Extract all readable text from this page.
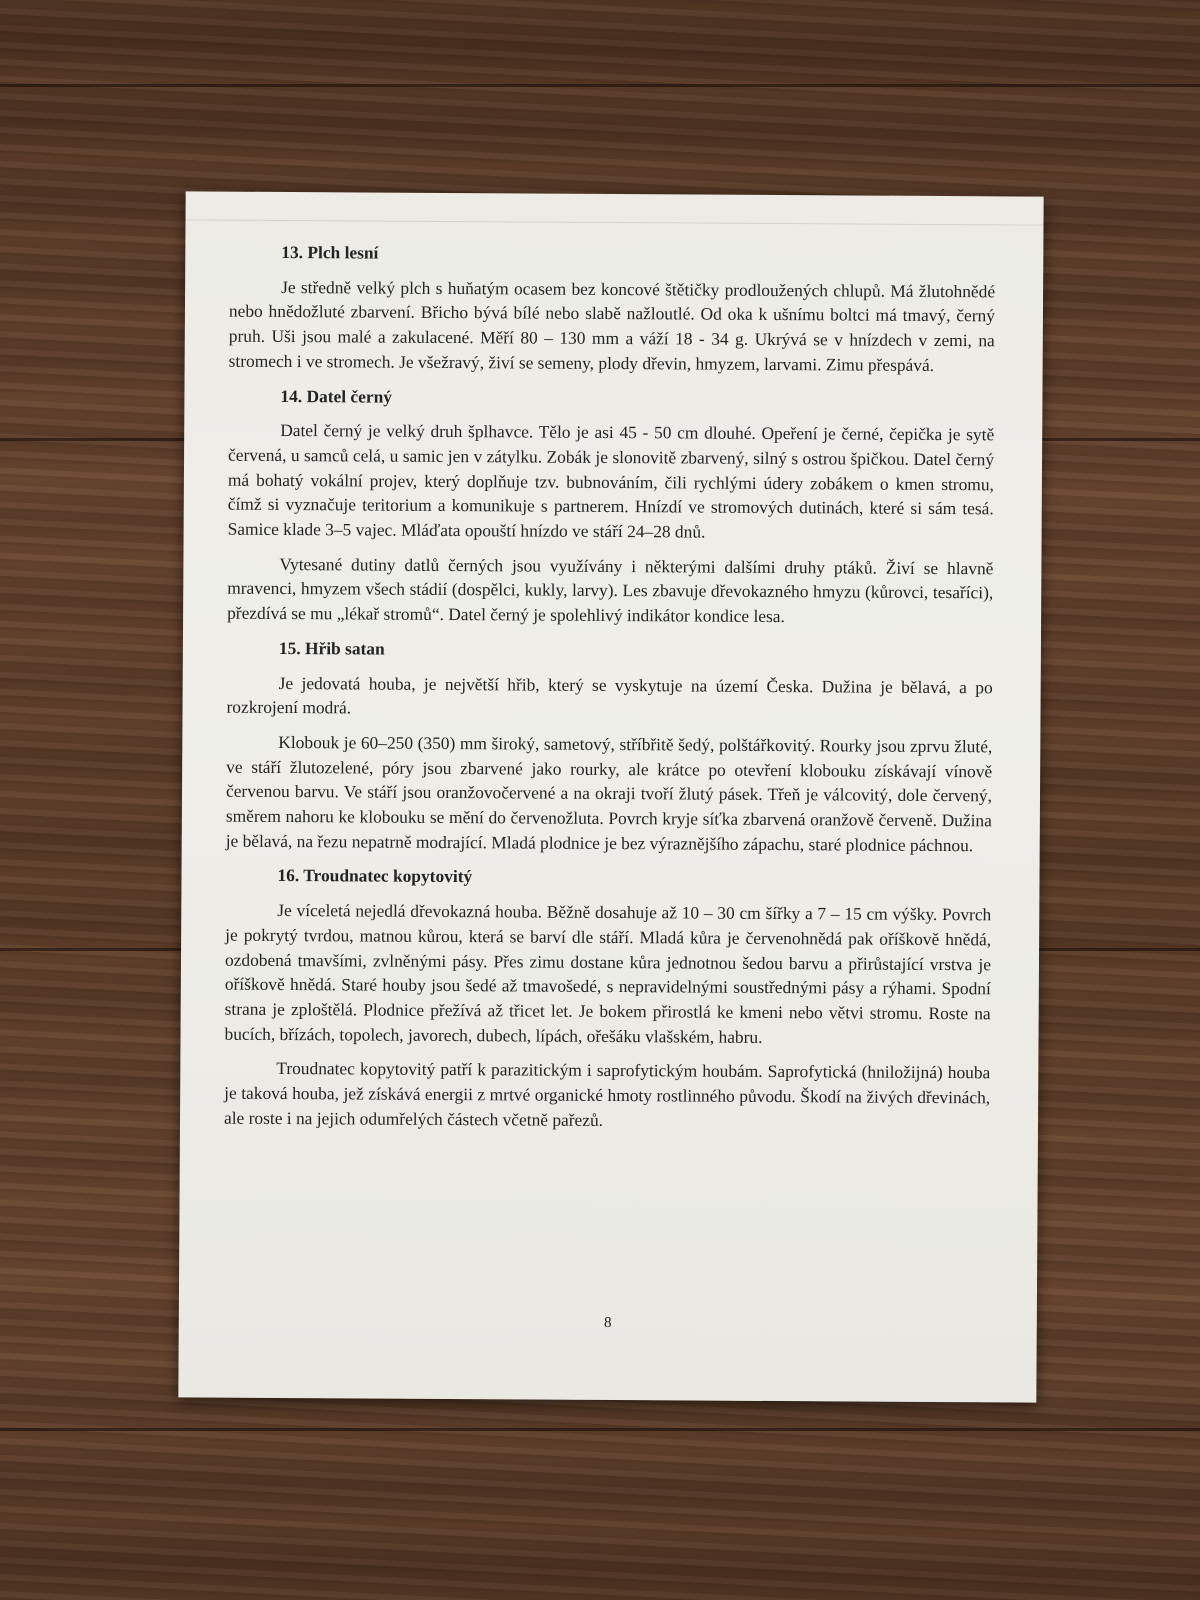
13. Plch lesní

Je středně velký plch s huňatým ocasem bez koncové štětičky prodloužených chlupů. Má žlutohnědé nebo hnědožluté zbarvení. Břicho bývá bílé nebo slabě nažloutlé. Od oka k ušnímu boltci má tmavý, černý pruh. Uši jsou malé a zakulacené. Měří 80 – 130 mm a váží 18 - 34 g. Ukrývá se v hnízdech v zemi, na stromech i ve stromech. Je všežravý, živí se semeny, plody dřevin, hmyzem, larvami. Zimu přespává.

14. Datel černý

Datel černý je velký druh šplhavce. Tělo je asi 45 - 50 cm dlouhé. Opeření je černé, čepička je sytě červená, u samců celá, u samic jen v zátylku. Zobák je slonovitě zbarvený, silný s ostrou špičkou. Datel černý má bohatý vokální projev, který doplňuje tzv. bubnováním, čili rychlými údery zobákem o kmen stromu, čímž si vyznačuje teritorium a komunikuje s partnerem. Hnízdí ve stromových dutinách, které si sám tesá. Samice klade 3–5 vajec. Mláďata opouští hnízdo ve stáří 24–28 dnů.

Vytesané dutiny datlů černých jsou využívány i některými dalšími druhy ptáků. Živí se hlavně mravenci, hmyzem všech stádií (dospělci, kukly, larvy). Les zbavuje dřevokazného hmyzu (kůrovci, tesaříci), přezdívá se mu „lékař stromů“. Datel černý je spolehlivý indikátor kondice lesa.

15. Hřib satan

Je jedovatá houba, je největší hřib, který se vyskytuje na území Česka. Dužina je bělavá, a po rozkrojení modrá.

Klobouk je 60–250 (350) mm široký, sametový, stříbřitě šedý, polštářkovitý. Rourky jsou zprvu žluté, ve stáří žlutozelené, póry jsou zbarvené jako rourky, ale krátce po otevření klobouku získávají vínově červenou barvu. Ve stáří jsou oranžovočervené a na okraji tvoří žlutý pásek. Třeň je válcovitý, dole červený, směrem nahoru ke klobouku se mění do červenožluta. Povrch kryje síťka zbarvená oranžově červeně. Dužina je bělavá, na řezu nepatrně modrající. Mladá plodnice je bez výraznějšího zápachu, staré plodnice páchnou.

16. Troudnatec kopytovitý

Je víceletá nejedlá dřevokazná houba. Běžně dosahuje až 10 – 30 cm šířky a 7 – 15 cm výšky. Povrch je pokrytý tvrdou, matnou kůrou, která se barví dle stáří. Mladá kůra je červenohnědá pak oříškově hnědá, ozdobená tmavšími, zvlněnými pásy. Přes zimu dostane kůra jednotnou šedou barvu a přirůstající vrstva je oříškově hnědá. Staré houby jsou šedé až tmavošedé, s nepravidelnými soustřednými pásy a rýhami. Spodní strana je zploštělá. Plodnice přežívá až třicet let. Je bokem přirostlá ke kmeni nebo větvi stromu. Roste na bucích, břízách, topolech, javorech, dubech, lípách, ořešáku vlašském, habru.

Troudnatec kopytovitý patří k parazitickým i saprofytickým houbám. Saprofytická (hniložijná) houba je taková houba, jež získává energii z mrtvé organické hmoty rostlinného původu. Škodí na živých dřevinách, ale roste i na jejich odumřelých částech včetně pařezů.

8
